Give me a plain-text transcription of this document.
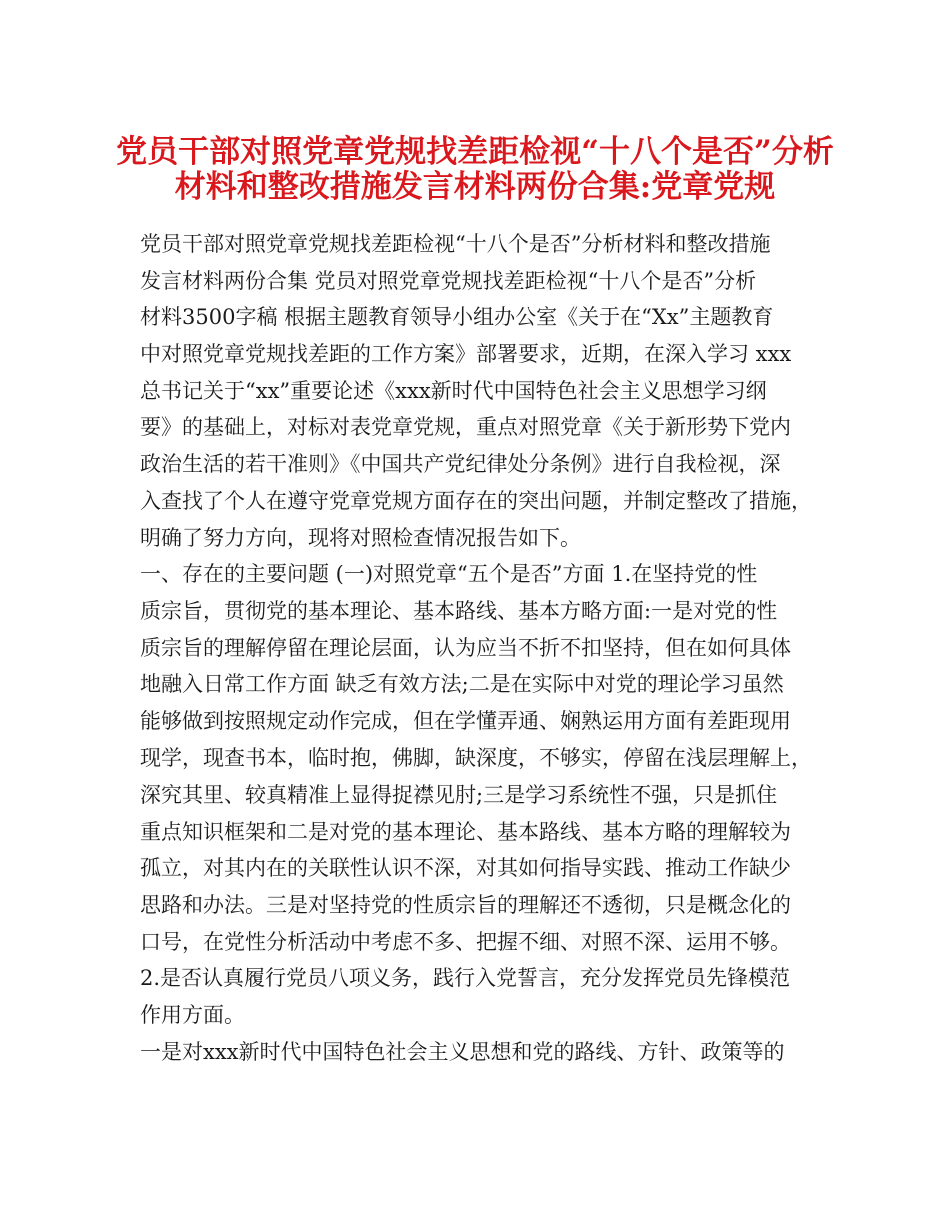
党员干部对照党章党规找差距检视“十八个是否”分析
材料和整改措施发言材料两份合集:党章党规
党员干部对照党章党规找差距检视“十八个是否”分析材料和整改措施
发言材料两份合集 党员对照党章党规找差距检视“十八个是否”分析
材料3500字稿 根据主题教育领导小组办公室《关于在“Xx”主题教育
中对照党章党规找差距的工作方案》部署要求，近期，在深入学习 xxx
总书记关于“xx”重要论述《xxx新时代中国特色社会主义思想学习纲
要》的基础上，对标对表党章党规，重点对照党章《关于新形势下党内
政治生活的若干准则》《中国共产党纪律处分条例》进行自我检视，深
入查找了个人在遵守党章党规方面存在的突出问题，并制定整改了措施，
明确了努力方向，现将对照检查情况报告如下。
一、存在的主要问题 (一)对照党章“五个是否”方面 1.在坚持党的性
质宗旨，贯彻党的基本理论、基本路线、基本方略方面:一是对党的性
质宗旨的理解停留在理论层面，认为应当不折不扣坚持，但在如何具体
地融入日常工作方面 缺乏有效方法;二是在实际中对党的理论学习虽然
能够做到按照规定动作完成，但在学懂弄通、娴熟运用方面有差距现用
现学，现查书本，临时抱，佛脚，缺深度，不够实，停留在浅层理解上，
深究其里、较真精准上显得捉襟见肘;三是学习系统性不强，只是抓住
重点知识框架和二是对党的基本理论、基本路线、基本方略的理解较为
孤立，对其内在的关联性认识不深，对其如何指导实践、推动工作缺少
思路和办法。三是对坚持党的性质宗旨的理解还不透彻，只是概念化的
口号，在党性分析活动中考虑不多、把握不细、对照不深、运用不够。
2.是否认真履行党员八项义务，践行入党誓言，充分发挥党员先锋模范
作用方面。
一是对xxx新时代中国特色社会主义思想和党的路线、方针、政策等的
